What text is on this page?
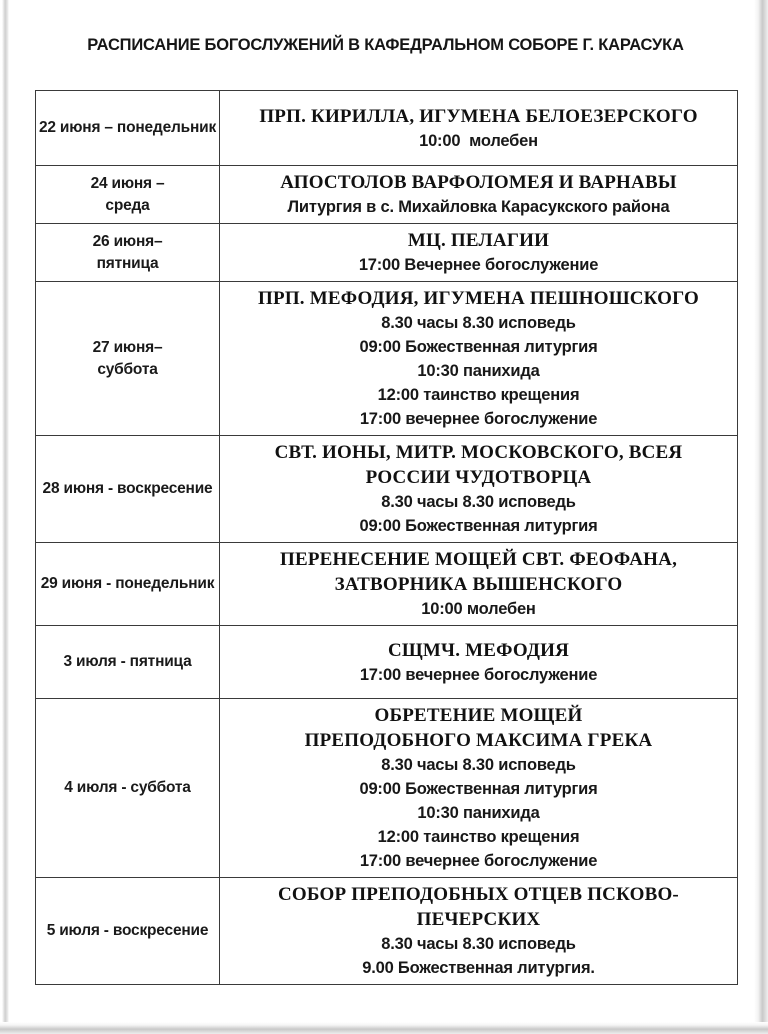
РАСПИСАНИЕ БОГОСЛУЖЕНИЙ В КАФЕДРАЛЬНОМ СОБОРЕ Г. КАРАСУКА
22 июня – понедельник
ПРП. КИРИЛЛА, ИГУМЕНА БЕЛОЕЗЕРСКОГО
10:00  молебен
24 июня –
среда
АПОСТОЛОВ ВАРФОЛОМЕЯ И ВАРНАВЫ
Литургия в с. Михайловка Карасукского района
26 июня–
пятница
МЦ. ПЕЛАГИИ
17:00 Вечернее богослужение
27 июня–
суббота
ПРП. МЕФОДИЯ, ИГУМЕНА ПЕШНОШСКОГО
8.30 часы 8.30 исповедь
09:00 Божественная литургия
10:30 панихида
12:00 таинство крещения
17:00 вечернее богослужение
28 июня - воскресение
СВТ. ИОНЫ, МИТР. МОСКОВСКОГО, ВСЕЯ
РОССИИ ЧУДОТВОРЦА
8.30 часы 8.30 исповедь
09:00 Божественная литургия
29 июня - понедельник
ПЕРЕНЕСЕНИЕ МОЩЕЙ СВТ. ФЕОФАНА,
ЗАТВОРНИКА ВЫШЕНСКОГО
10:00 молебен
3 июля - пятница
СЩМЧ. МЕФОДИЯ
17:00 вечернее богослужение
4 июля - суббота
ОБРЕТЕНИЕ МОЩЕЙ
ПРЕПОДОБНОГО МАКСИМА ГРЕКА
8.30 часы 8.30 исповедь
09:00 Божественная литургия
10:30 панихида
12:00 таинство крещения
17:00 вечернее богослужение
5 июля - воскресение
СОБОР ПРЕПОДОБНЫХ ОТЦЕВ ПСКОВО-
ПЕЧЕРСКИХ
8.30 часы 8.30 исповедь
9.00 Божественная литургия.
